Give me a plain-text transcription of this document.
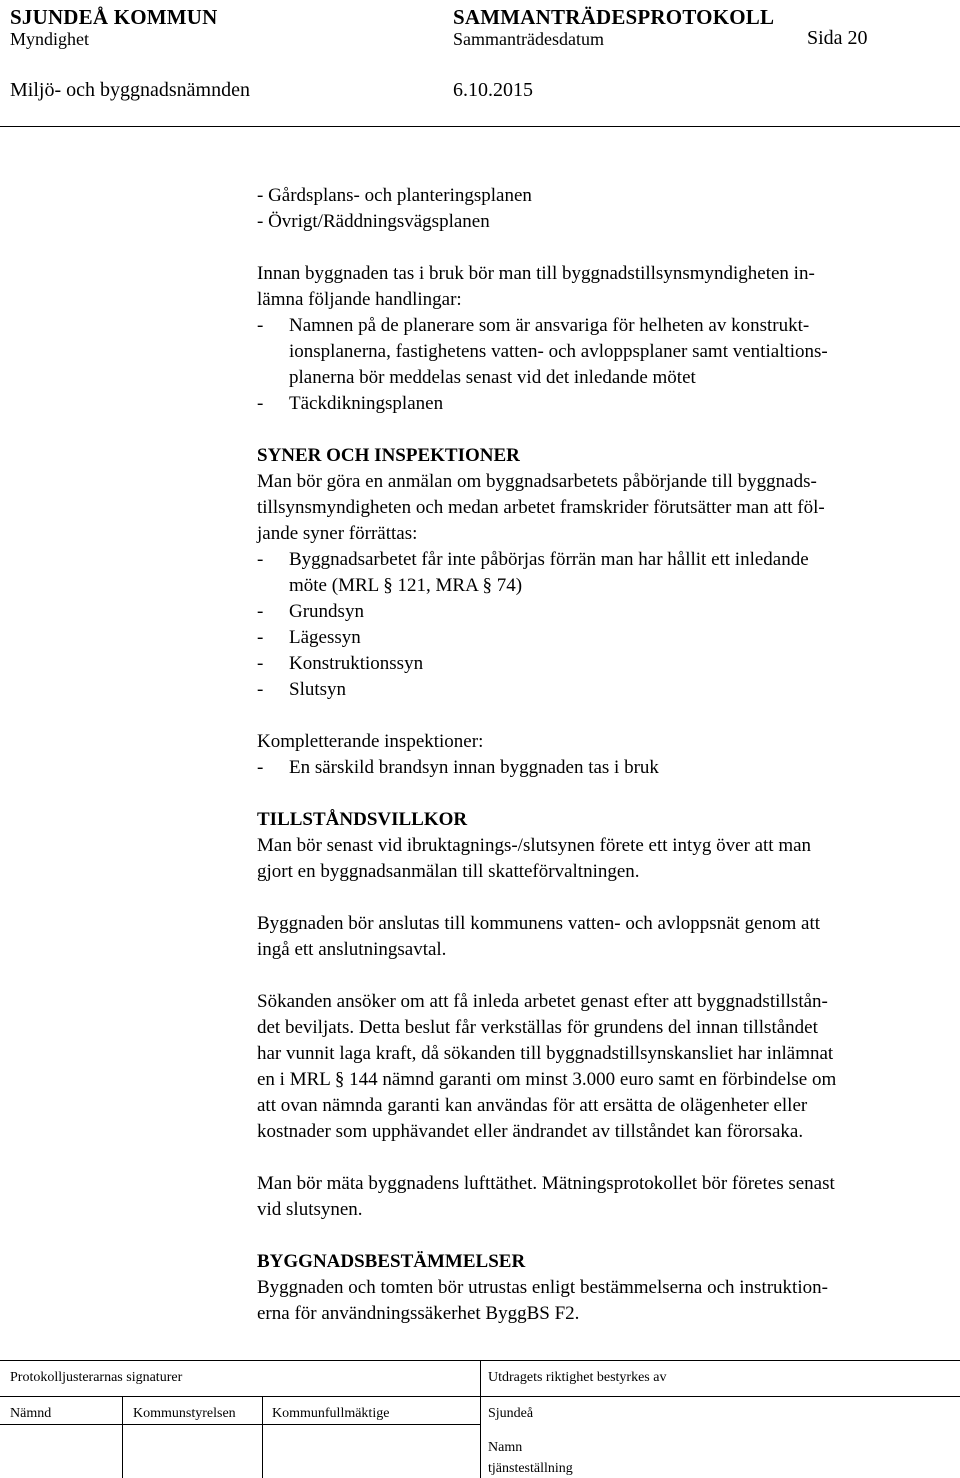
SJUNDEÅ KOMMUN	SAMMANTRÄDESPROTOKOLL
Myndighet	Sammanträdesdatum	Sida 20
Miljö- och byggnadsnämnden	6.10.2015
- Gårdsplans- och planteringsplanen
- Övrigt/Räddningsvägsplanen

Innan byggnaden tas i bruk bör man till byggnadstillsynsmyndigheten in-
lämna följande handlingar:
- Namnen på de planerare som är ansvariga för helheten av konstrukt-
ionsplanerna, fastighetens vatten- och avloppsplaner samt ventialtions-
planerna bör meddelas senast vid det inledande mötet
- Täckdikningsplanen

SYNER OCH INSPEKTIONER
Man bör göra en anmälan om byggnadsarbetets påbörjande till byggnads-
tillsynsmyndigheten och medan arbetet framskrider förutsätter man att föl-
jande syner förrättas:
- Byggnadsarbetet får inte påbörjas förrän man har hållit ett inledande
möte (MRL § 121, MRA § 74)
- Grundsyn
- Lägessyn
- Konstruktionssyn
- Slutsyn

Kompletterande inspektioner:
- En särskild brandsyn innan byggnaden tas i bruk

TILLSTÅNDSVILLKOR
Man bör senast vid ibruktagnings-/slutsynen förete ett intyg över att man
gjort en byggnadsanmälan till skatteförvaltningen.

Byggnaden bör anslutas till kommunens vatten- och avloppsnät genom att
ingå ett anslutningsavtal.

Sökanden ansöker om att få inleda arbetet genast efter att byggnadstillstån-
det beviljats. Detta beslut får verkställas för grundens del innan tillståndet
har vunnit laga kraft, då sökanden till byggnadstillsynskansliet har inlämnat
en i MRL § 144 nämnd garanti om minst 3.000 euro samt en förbindelse om
att ovan nämnda garanti kan användas för att ersätta de olägenheter eller
kostnader som upphävandet eller ändrandet av tillståndet kan förorsaka.

Man bör mäta byggnadens lufttäthet. Mätningsprotokollet bör företes senast
vid slutsynen.

BYGGNADSBESTÄMMELSER
Byggnaden och tomten bör utrustas enligt bestämmelserna och instruktion-
erna för användningssäkerhet ByggBS F2.
Protokolljusterarnas signaturer	Utdragets riktighet bestyrkes av
Nämnd	Kommunstyrelsen	Kommunfullmäktige	Sjundeå
Namn
tjänsteställning
